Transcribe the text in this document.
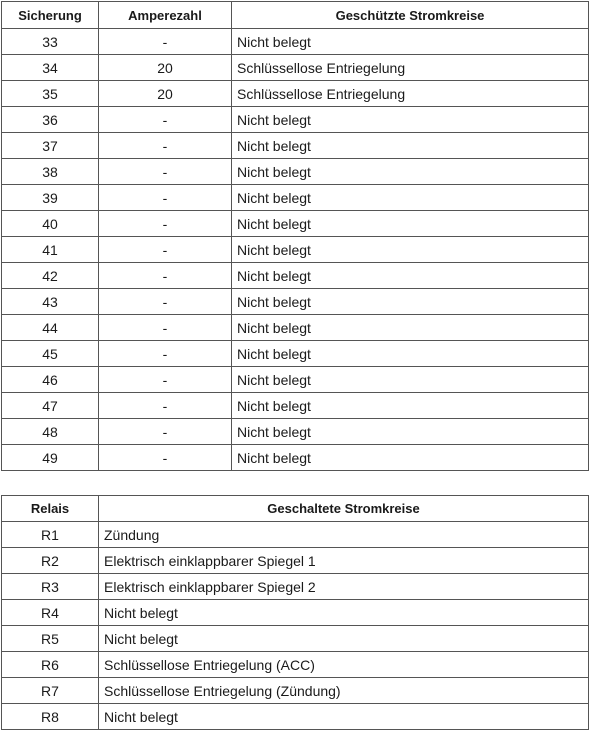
Sicherung	Amperezahl	Geschützte Stromkreise
33	-	Nicht belegt
34	20	Schlüssellose Entriegelung
35	20	Schlüssellose Entriegelung
36	-	Nicht belegt
37	-	Nicht belegt
38	-	Nicht belegt
39	-	Nicht belegt
40	-	Nicht belegt
41	-	Nicht belegt
42	-	Nicht belegt
43	-	Nicht belegt
44	-	Nicht belegt
45	-	Nicht belegt
46	-	Nicht belegt
47	-	Nicht belegt
48	-	Nicht belegt
49	-	Nicht belegt
Relais	Geschaltete Stromkreise
R1	Zündung
R2	Elektrisch einklappbarer Spiegel 1
R3	Elektrisch einklappbarer Spiegel 2
R4	Nicht belegt
R5	Nicht belegt
R6	Schlüssellose Entriegelung (ACC)
R7	Schlüssellose Entriegelung (Zündung)
R8	Nicht belegt
